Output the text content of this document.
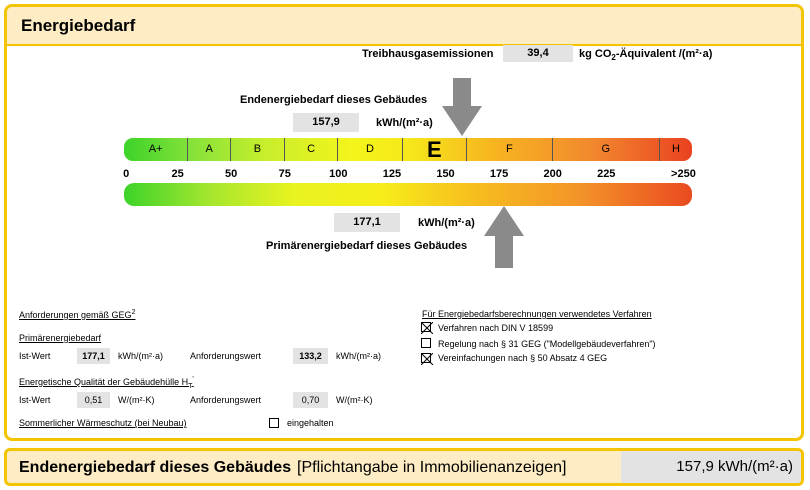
Energiebedarf
Treibhausgasemissionen	39,4	kg $CO_2$-Äquivalent /(m²·a)
Endenergiebedarf dieses Gebäudes
157,9	kWh/(m²·a)
A+	A	B	C	D	E	F	G	H
0	25	50	75	100	125	150	175	200	225	>250
177,1	kWh/(m²·a)
Primärenergiebedarf dieses Gebäudes
Anforderungen gemäß GEG$^2$
Primärenergiebedarf
Ist-Wert	177,1	kWh/(m²·a)	Anforderungswert	133,2	kWh/(m²·a)
Energetische Qualität der Gebäudehülle $H_T'$
Ist-Wert	0,51	W/(m²·K)	Anforderungswert	0,70	W/(m²·K)
Sommerlicher Wärmeschutz (bei Neubau)	eingehalten
Für Energiebedarfsberechnungen verwendetes Verfahren
Verfahren nach DIN V 18599
Regelung nach § 31 GEG ("Modellgebäudeverfahren")
Vereinfachungen nach § 50 Absatz 4 GEG
Endenergiebedarf dieses Gebäudes [Pflichtangabe in Immobilienanzeigen]	157,9 kWh/(m²·a)
